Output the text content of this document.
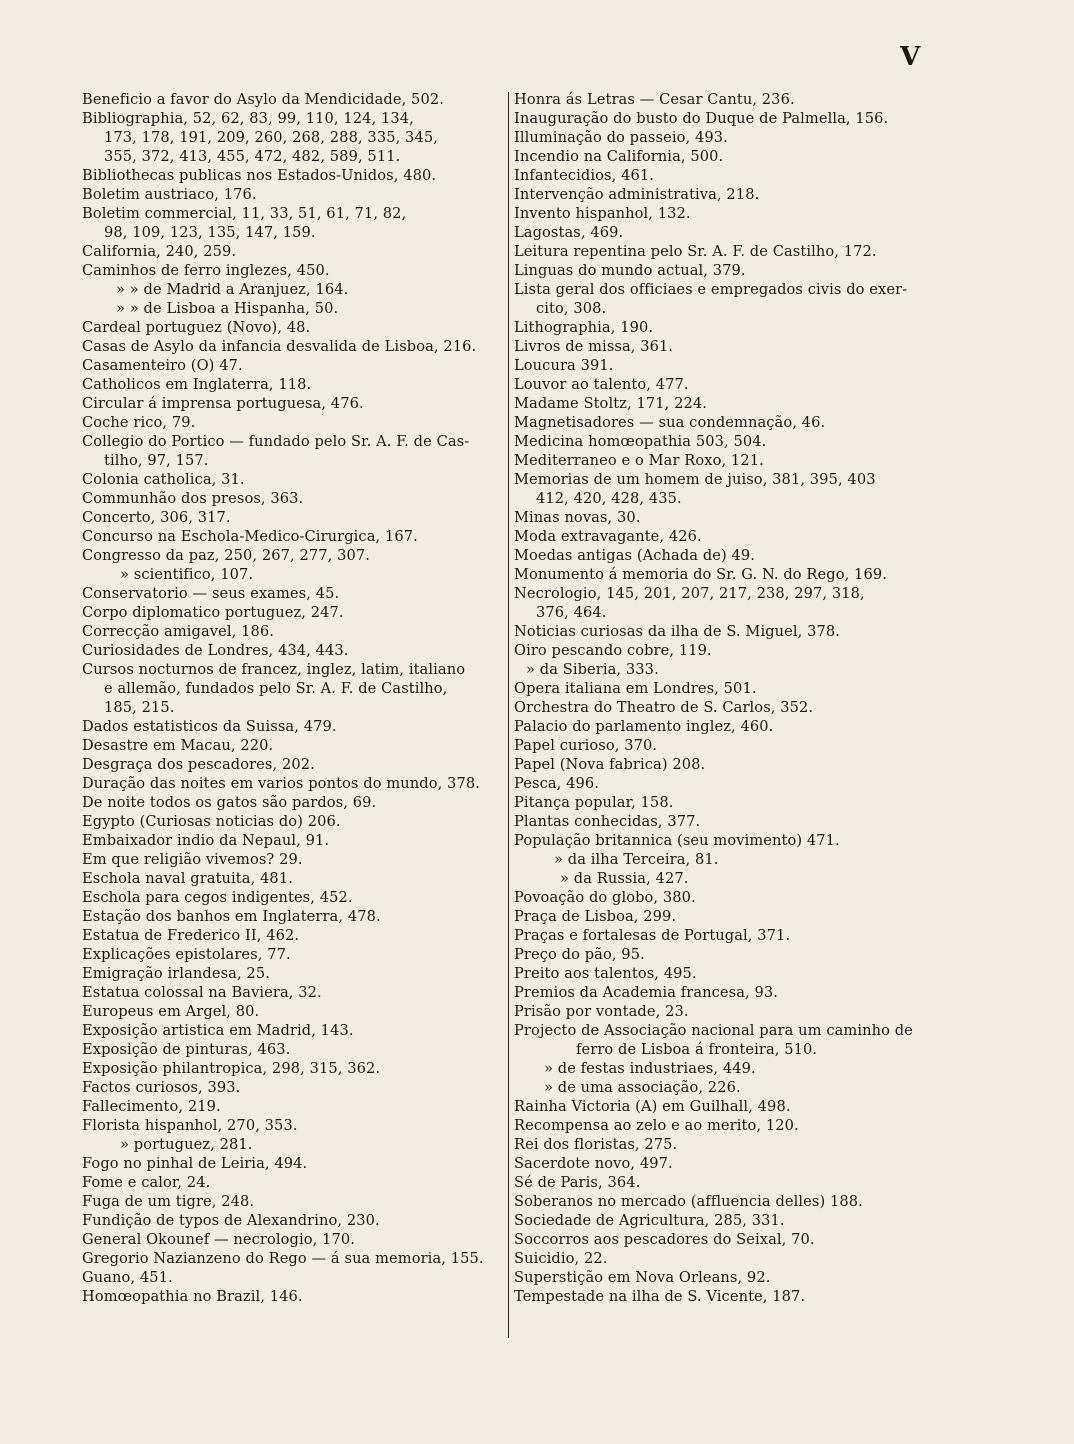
V
Beneficio a favor do Asylo da Mendicidade, 502.
Bibliographia, 52, 62, 83, 99, 110, 124, 134,
173, 178, 191, 209, 260, 268, 288, 335, 345,
355, 372, 413, 455, 472, 482, 589, 511.
Bibliothecas publicas nos Estados-Unidos, 480.
Boletim austriaco, 176.
Boletim commercial, 11, 33, 51, 61, 71, 82,
98, 109, 123, 135, 147, 159.
California, 240, 259.
Caminhos de ferro inglezes, 450.
» » de Madrid a Aranjuez, 164.
» » de Lisboa a Hispanha, 50.
Cardeal portuguez (Novo), 48.
Casas de Asylo da infancia desvalida de Lisboa, 216.
Casamenteiro (O) 47.
Catholicos em Inglaterra, 118.
Circular á imprensa portuguesa, 476.
Coche rico, 79.
Collegio do Portico — fundado pelo Sr. A. F. de Cas-
tilho, 97, 157.
Colonia catholica, 31.
Communhão dos presos, 363.
Concerto, 306, 317.
Concurso na Eschola-Medico-Cirurgica, 167.
Congresso da paz, 250, 267, 277, 307.
» scientifico, 107.
Conservatorio — seus exames, 45.
Corpo diplomatico portuguez, 247.
Correcção amigavel, 186.
Curiosidades de Londres, 434, 443.
Cursos nocturnos de francez, inglez, latim, italiano
e allemão, fundados pelo Sr. A. F. de Castilho,
185, 215.
Dados estatisticos da Suissa, 479.
Desastre em Macau, 220.
Desgraça dos pescadores, 202.
Duração das noites em varios pontos do mundo, 378.
De noite todos os gatos são pardos, 69.
Egypto (Curiosas noticias do) 206.
Embaixador indio da Nepaul, 91.
Em que religião vivemos? 29.
Eschola naval gratuita, 481.
Eschola para cegos indigentes, 452.
Estação dos banhos em Inglaterra, 478.
Estatua de Frederico II, 462.
Explicações epistolares, 77.
Emigração irlandesa, 25.
Estatua colossal na Baviera, 32.
Europeus em Argel, 80.
Exposição artistica em Madrid, 143.
Exposição de pinturas, 463.
Exposição philantropica, 298, 315, 362.
Factos curiosos, 393.
Fallecimento, 219.
Florista hispanhol, 270, 353.
» portuguez, 281.
Fogo no pinhal de Leiria, 494.
Fome e calor, 24.
Fuga de um tigre, 248.
Fundição de typos de Alexandrino, 230.
General Okounef — necrologio, 170.
Gregorio Nazianzeno do Rego — á sua memoria, 155.
Guano, 451.
Homœopathia no Brazil, 146.
Honra ás Letras — Cesar Cantu, 236.
Inauguração do busto do Duque de Palmella, 156.
Illuminação do passeio, 493.
Incendio na California, 500.
Infantecidios, 461.
Intervenção administrativa, 218.
Invento hispanhol, 132.
Lagostas, 469.
Leitura repentina pelo Sr. A. F. de Castilho, 172.
Linguas do mundo actual, 379.
Lista geral dos officiaes e empregados civis do exer-
cito, 308.
Lithographia, 190.
Livros de missa, 361.
Loucura 391.
Louvor ao talento, 477.
Madame Stoltz, 171, 224.
Magnetisadores — sua condemnação, 46.
Medicina homœopathia 503, 504.
Mediterraneo e o Mar Roxo, 121.
Memorias de um homem de juiso, 381, 395, 403
412, 420, 428, 435.
Minas novas, 30.
Moda extravagante, 426.
Moedas antigas (Achada de) 49.
Monumento á memoria do Sr. G. N. do Rego, 169.
Necrologio, 145, 201, 207, 217, 238, 297, 318,
376, 464.
Noticias curiosas da ilha de S. Miguel, 378.
Oiro pescando cobre, 119.
» da Siberia, 333.
Opera italiana em Londres, 501.
Orchestra do Theatro de S. Carlos, 352.
Palacio do parlamento inglez, 460.
Papel curioso, 370.
Papel (Nova fabrica) 208.
Pesca, 496.
Pitança popular, 158.
Plantas conhecidas, 377.
População britannica (seu movimento) 471.
» da ilha Terceira, 81.
» da Russia, 427.
Povoação do globo, 380.
Praça de Lisboa, 299.
Praças e fortalesas de Portugal, 371.
Preço do pão, 95.
Preito aos talentos, 495.
Premios da Academia francesa, 93.
Prisão por vontade, 23.
Projecto de Associação nacional para um caminho de
ferro de Lisboa á fronteira, 510.
» de festas industriaes, 449.
» de uma associação, 226.
Rainha Victoria (A) em Guilhall, 498.
Recompensa ao zelo e ao merito, 120.
Rei dos floristas, 275.
Sacerdote novo, 497.
Sé de Paris, 364.
Soberanos no mercado (affluencia delles) 188.
Sociedade de Agricultura, 285, 331.
Soccorros aos pescadores do Seixal, 70.
Suicidio, 22.
Superstição em Nova Orleans, 92.
Tempestade na ilha de S. Vicente, 187.
